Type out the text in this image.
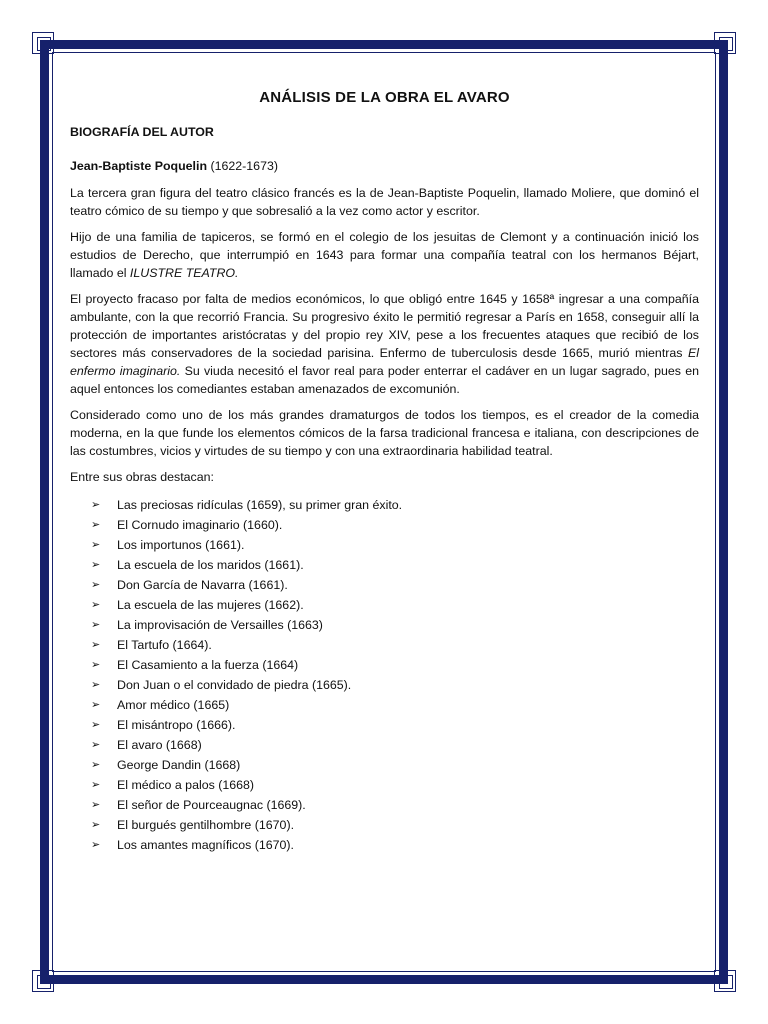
ANÁLISIS DE LA OBRA EL AVARO
BIOGRAFÍA DEL AUTOR

Jean-Baptiste Poquelin (1622-1673)

La tercera gran figura del teatro clásico francés es la de Jean-Baptiste Poquelin, llamado Moliere, que dominó el teatro cómico de su tiempo y que sobresalió a la vez como actor y escritor.

Hijo de una familia de tapiceros, se formó en el colegio de los jesuitas de Clemont y a continuación inició los estudios de Derecho, que interrumpió en 1643 para formar una compañía teatral con los hermanos Béjart, llamado el ILUSTRE TEATRO.

El proyecto fracaso por falta de medios económicos, lo que obligó entre 1645 y 1658ª ingresar a una compañía ambulante, con la que recorrió Francia. Su progresivo éxito le permitió regresar a París en 1658, conseguir allí la protección de importantes aristócratas y del propio rey XIV, pese a los frecuentes ataques que recibió de los sectores más conservadores de la sociedad parisina. Enfermo de tuberculosis desde 1665, murió mientras El enfermo imaginario. Su viuda necesitó el favor real para poder enterrar el cadáver en un lugar sagrado, pues en aquel entonces los comediantes estaban amenazados de excomunión.

Considerado como uno de los más grandes dramaturgos de todos los tiempos, es el creador de la comedia moderna, en la que funde los elementos cómicos de la farsa tradicional francesa e italiana, con descripciones de las costumbres, vicios y virtudes de su tiempo y con una extraordinaria habilidad teatral.

Entre sus obras destacan:

➢	Las preciosas ridículas (1659), su primer gran éxito.
➢	El Cornudo imaginario (1660).
➢	Los importunos (1661).
➢	La escuela de los maridos (1661).
➢	Don García de Navarra (1661).
➢	La escuela de las mujeres (1662).
➢	La improvisación de Versailles (1663)
➢	El Tartufo (1664).
➢	El Casamiento a la fuerza (1664)
➢	Don Juan o el convidado de piedra (1665).
➢	Amor médico (1665)
➢	El misántropo (1666).
➢	El avaro (1668)
➢	George Dandin (1668)
➢	El médico a palos (1668)
➢	El señor de Pourceaugnac (1669).
➢	El burgués gentilhombre (1670).
➢	Los amantes magníficos (1670).
